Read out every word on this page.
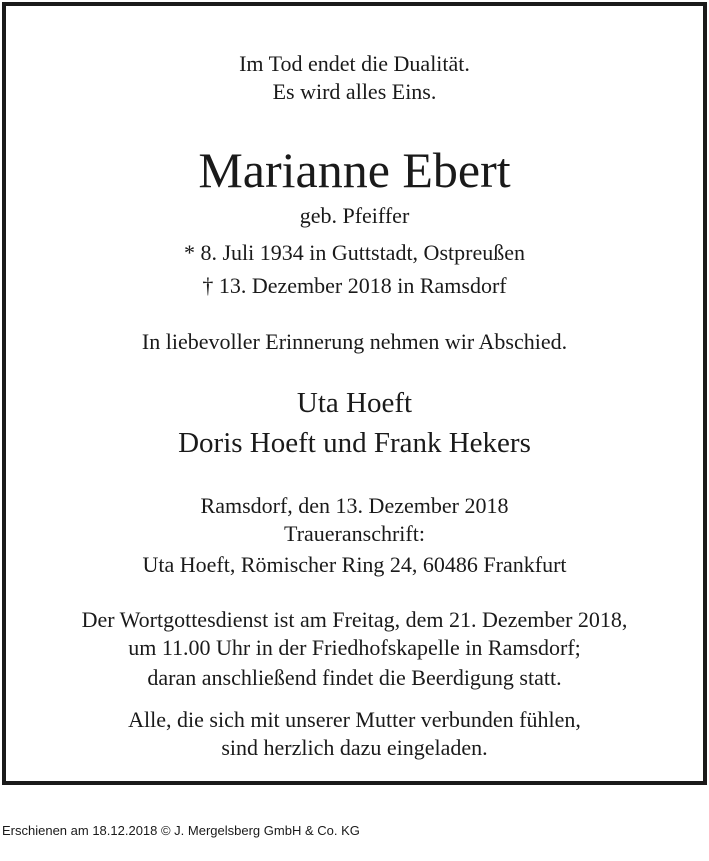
Im Tod endet die Dualität.

Es wird alles Eins.

Marianne Ebert

geb. Pfeiffer

* 8. Juli 1934 in Guttstadt, Ostpreußen

† 13. Dezember 2018 in Ramsdorf

In liebevoller Erinnerung nehmen wir Abschied.

Uta Hoeft

Doris Hoeft und Frank Hekers

Ramsdorf, den 13. Dezember 2018

Traueranschrift:

Uta Hoeft, Römischer Ring 24, 60486 Frankfurt

Der Wortgottesdienst ist am Freitag, dem 21. Dezember 2018,

um 11.00 Uhr in der Friedhofskapelle in Ramsdorf;

daran anschließend findet die Beerdigung statt.

Alle, die sich mit unserer Mutter verbunden fühlen,

sind herzlich dazu eingeladen.

Erschienen am 18.12.2018 © J. Mergelsberg GmbH & Co. KG
